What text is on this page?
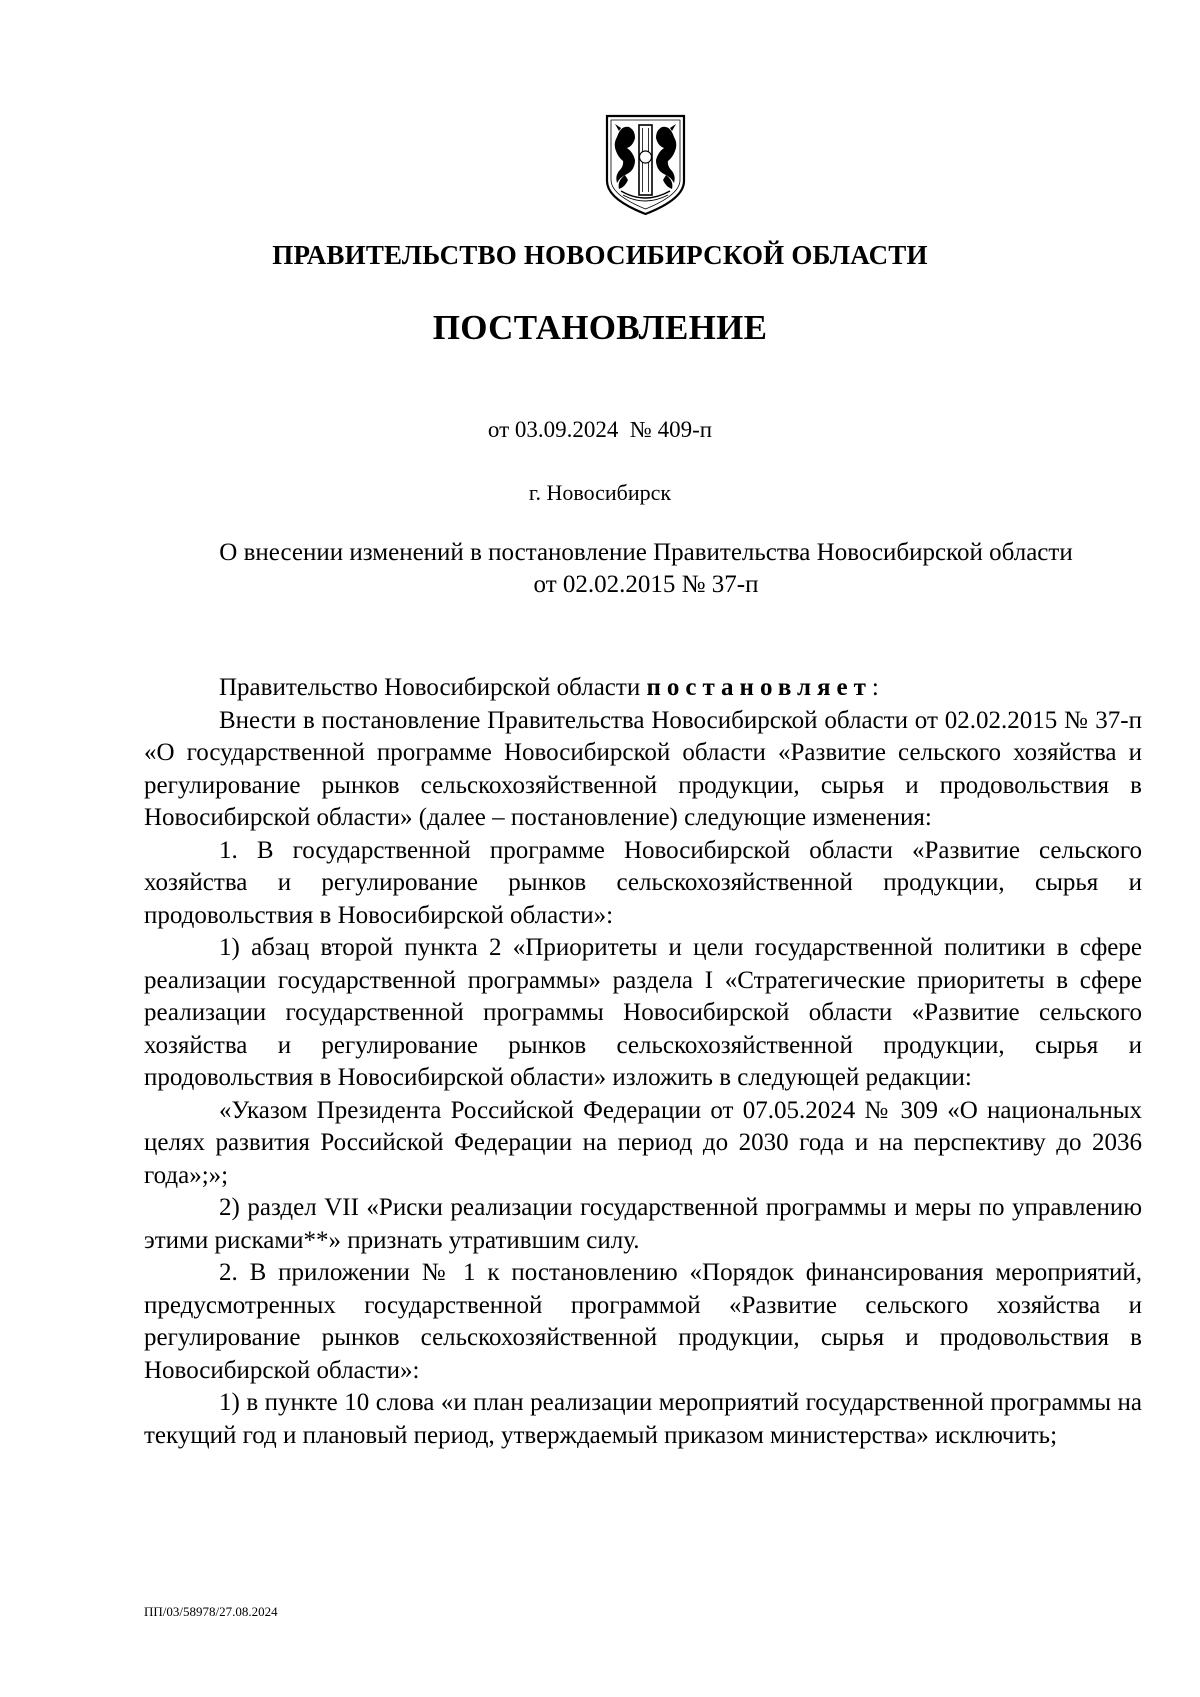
ПРАВИТЕЛЬСТВО НОВОСИБИРСКОЙ ОБЛАСТИ
ПОСТАНОВЛЕНИЕ
от 03.09.2024  № 409-п
г. Новосибирск
О внесении изменений в постановление Правительства Новосибирской области
от 02.02.2015 № 37-п

Правительство Новосибирской области постановляет:

Внести в постановление Правительства Новосибирской области от 02.02.2015 № 37-п «О государственной программе Новосибирской области «Развитие сельского хозяйства и регулирование рынков сельскохозяйственной продукции, сырья и продовольствия в Новосибирской области» (далее – постановление) следующие изменения:

1. В государственной программе Новосибирской области «Развитие сельского хозяйства и регулирование рынков сельскохозяйственной продукции, сырья и продовольствия в Новосибирской области»:

1) абзац второй пункта 2 «Приоритеты и цели государственной политики в сфере реализации государственной программы» раздела I «Стратегические приоритеты в сфере реализации государственной программы Новосибирской области «Развитие сельского хозяйства и регулирование рынков сельскохозяйственной продукции, сырья и продовольствия в Новосибирской области» изложить в следующей редакции:

«Указом Президента Российской Федерации от 07.05.2024 № 309 «О национальных целях развития Российской Федерации на период до 2030 года и на перспективу до 2036 года»;»;

2) раздел VII «Риски реализации государственной программы и меры по управлению этими рисками**» признать утратившим силу.

2. В приложении № 1 к постановлению «Порядок финансирования мероприятий, предусмотренных государственной программой «Развитие сельского хозяйства и регулирование рынков сельскохозяйственной продукции, сырья и продовольствия в Новосибирской области»:

1) в пункте 10 слова «и план реализации мероприятий государственной программы на текущий год и плановый период, утверждаемый приказом министерства» исключить;

ПП/03/58978/27.08.2024
